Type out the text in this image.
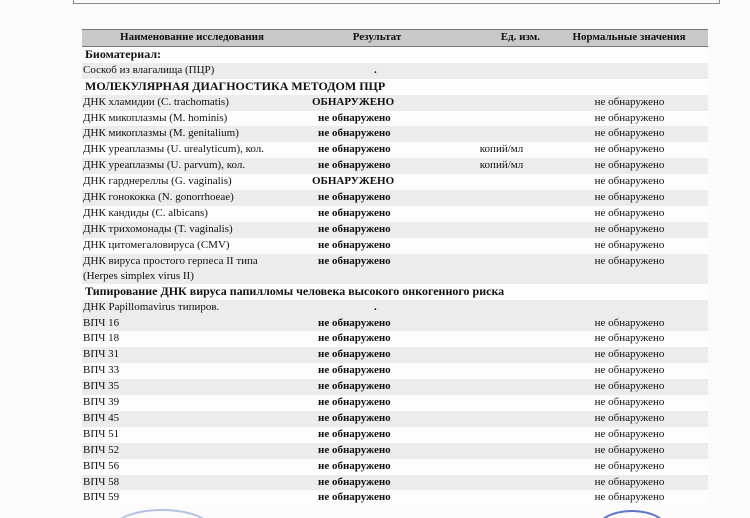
Наименование исследования	Результат	Ед. изм.	Нормальные значения
Биоматериал:			
Соскоб из влагалища (ПЦР)	.		
МОЛЕКУЛЯРНАЯ ДИАГНОСТИКА МЕТОДОМ ПЦР			
ДНК хламидии (C. trachomatis)	ОБНАРУЖЕНО		не обнаружено
ДНК микоплазмы (M. hominis)	не обнаружено		не обнаружено
ДНК микоплазмы (M. genitalium)	не обнаружено		не обнаружено
ДНК уреаплазмы (U. urealyticum), кол.	не обнаружено	копий/мл	не обнаружено
ДНК уреаплазмы (U. parvum), кол.	не обнаружено	копий/мл	не обнаружено
ДНК гарднереллы (G. vaginalis)	ОБНАРУЖЕНО		не обнаружено
ДНК гонококка (N. gonorrhoeae)	не обнаружено		не обнаружено
ДНК кандиды (C. albicans)	не обнаружено		не обнаружено
ДНК трихомонады (T. vaginalis)	не обнаружено		не обнаружено
ДНК цитомегаловируса (CMV)	не обнаружено		не обнаружено

ДНК вируса простого герпеса II типа
(Herpes simplex virus II)	не обнаружено		не обнаружено
Типирование ДНК вируса папилломы человека высокого онкогенного риска			
ДНК Papillomavirus типиров.	.		
ВПЧ 16	не обнаружено		не обнаружено
ВПЧ 18	не обнаружено		не обнаружено
ВПЧ 31	не обнаружено		не обнаружено
ВПЧ 33	не обнаружено		не обнаружено
ВПЧ 35	не обнаружено		не обнаружено
ВПЧ 39	не обнаружено		не обнаружено
ВПЧ 45	не обнаружено		не обнаружено
ВПЧ 51	не обнаружено		не обнаружено
ВПЧ 52	не обнаружено		не обнаружено
ВПЧ 56	не обнаружено		не обнаружено
ВПЧ 58	не обнаружено		не обнаружено
ВПЧ 59	не обнаружено		не обнаружено
